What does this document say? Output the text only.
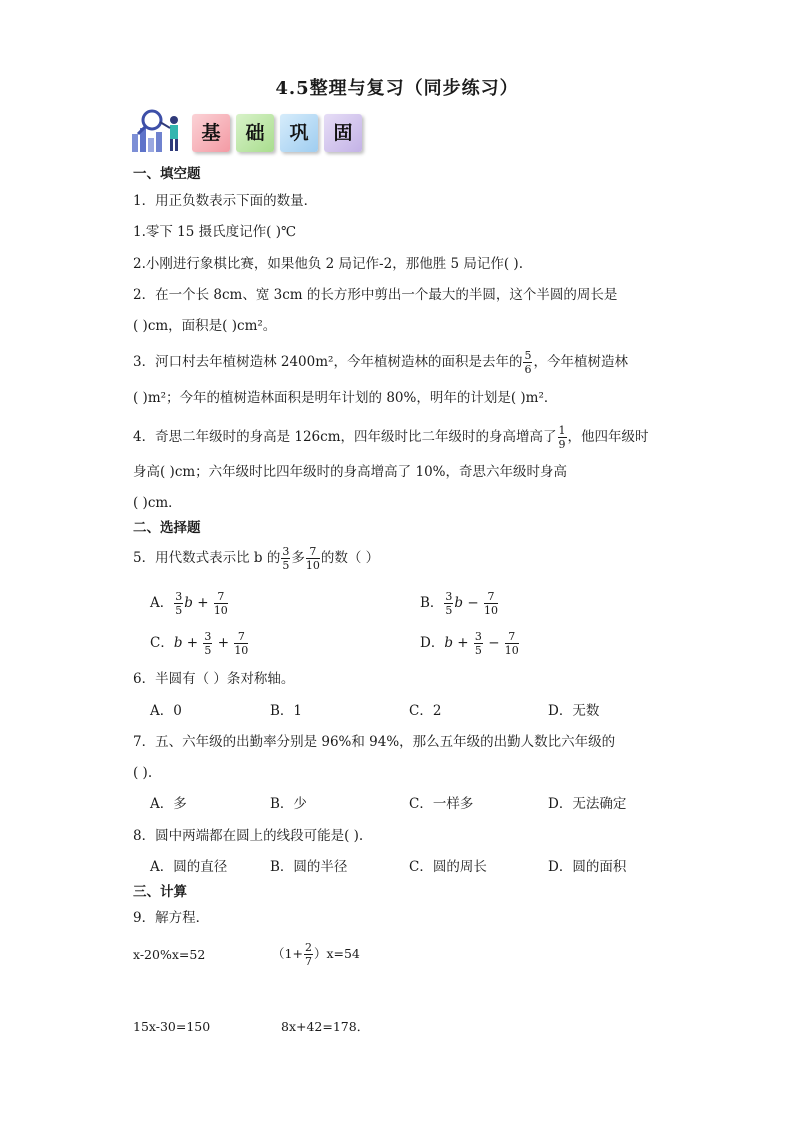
4.5整理与复习（同步练习）
基	础	巩	固
一、填空题
1．用正负数表示下面的数量．
1.零下 15 摄氏度记作( )℃
2.小刚进行象棋比赛，如果他负 2 局记作-2，那他胜 5 局记作( ).
2．在一个长 8cm、宽 3cm 的长方形中剪出一个最大的半圆，这个半圆的周长是
( )cm，面积是( )cm²。
3．河口村去年植树造林 2400m²，今年植树造林的面积是去年的 $\frac{5}{6}$ ，今年植树造林
( )m²；今年的植树造林面积是明年计划的 80%，明年的计划是( )m²．
4．奇思二年级时的身高是 126cm，四年级时比二年级时的身高增高了 $\frac{1}{9}$ ，他四年级时
身高( )cm；六年级时比四年级时的身高增高了 10%，奇思六年级时身高
( )cm．
二、选择题
5．用代数式表示比 b 的 $\frac{3}{5}$ 多 $\frac{7}{10}$ 的数（ ）
A． $\frac{3}{5}$ $b + \frac{7}{10}$	B． $\frac{3}{5}$ $b - \frac{7}{10}$
C．$b + \frac{3}{5} + \frac{7}{10}$	D．$b + \frac{3}{5} - \frac{7}{10}$
6．半圆有（ ）条对称轴。
A．0	B．1	C．2	D．无数
7．五、六年级的出勤率分别是 96%和 94%，那么五年级的出勤人数比六年级的
( ).
A．多	B．少	C．一样多	D．无法确定
8．圆中两端都在圆上的线段可能是( ).
A．圆的直径	B．圆的半径	C．圆的周长	D．圆的面积
三、计算
9．解方程．
x-20%x=52	$(1+ \frac{2}{7} )x=54$
15x-30=150	8x+42=178．
